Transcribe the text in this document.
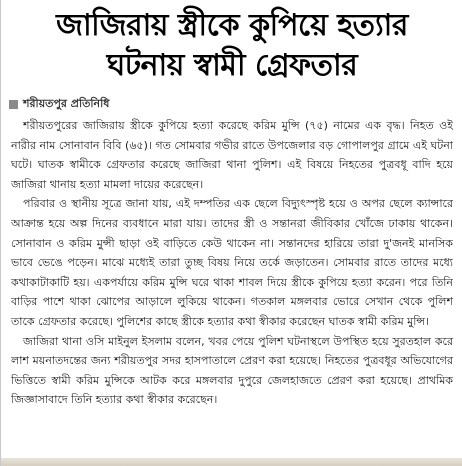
জাজিরায় স্ত্রীকে কুপিয়ে হত্যার
ঘটনায় স্বামী গ্রেফতার
শরীয়তপুর প্রতিনিধি

শরীয়তপুরের জাজিরায় স্ত্রীকে কুপিয়ে হত্যা করেছে করিম মুন্সি (৭৫) নামের এক বৃদ্ধ। নিহত ওই নারীর নাম সোনাবান বিবি (৬৫)। গত সোমবার গভীর রাতে উপজেলার বড় গোপালপুর গ্রামে এই ঘটনা ঘটে। ঘাতক স্বামীকে গ্রেফতার করেছে জাজিরা থানা পুলিশ। এই বিষয়ে নিহতের পুত্রবধূ বাদি হয়ে জাজিরা থানায় হত্যা মামলা দায়ের করেছেন।

পরিবার ও স্থানীয় সূত্রে জানা যায়, এই দম্পতির এক ছেলে বিদ্যুৎস্পৃষ্ট হয়ে ও অপর ছেলে ক্যান্সারে আক্রান্ত হয়ে অল্প দিনের ব্যবধানে মারা যায়। তাদের স্ত্রী ও সন্তানরা জীবিকার খোঁজে ঢাকায় থাকেন। সোনাবান ও করিম মুন্সী ছাড়া ওই বাড়িতে কেউ থাকেন না। সন্তানদের হারিয়ে তারা দু'জনই মানসিক ভাবে ভেঙে পড়েন। মাঝে মধ্যেই তারা তুচ্ছ বিষয় নিয়ে তর্কে জড়াতেন। সোমবার রাতে তাদের মধ্যে কথাকাটাকাটি হয়। একপর্যায়ে করিম মুন্সি ঘরে থাকা শাবল দিয়ে স্ত্রীকে কুপিয়ে হত্যা করেন। পরে তিনি বাড়ির পাশে থাকা ঝোপের আড়ালে লুকিয়ে থাকেন। গতকাল মঙ্গলবার ভোরে সেখান থেকে পুলিশ তাকে গ্রেফতার করেছে। পুলিশের কাছে স্ত্রীকে হত্যার কথা স্বীকার করেছেন ঘাতক স্বামী করিম মুন্সি।

জাজিরা থানা ওসি মাইনুল ইসলাম বলেন, খবর পেয়ে পুলিশ ঘটনাস্থলে উপস্থিত হয়ে সুরতহাল করে লাশ ময়নাতদন্তের জন্য শরীয়তপুর সদর হাসপাতালে প্রেরণ করা হয়েছে। নিহতের পুত্রবধূর অভিযোগের ভিত্তিতে স্বামী করিম মুন্সিকে আটক করে মঙ্গলবার দুপুরে জেলহাজতে প্রেরণ করা হয়েছে। প্রাথমিক জিজ্ঞাসাবাদে তিনি হত্যার কথা স্বীকার করেছেন।
